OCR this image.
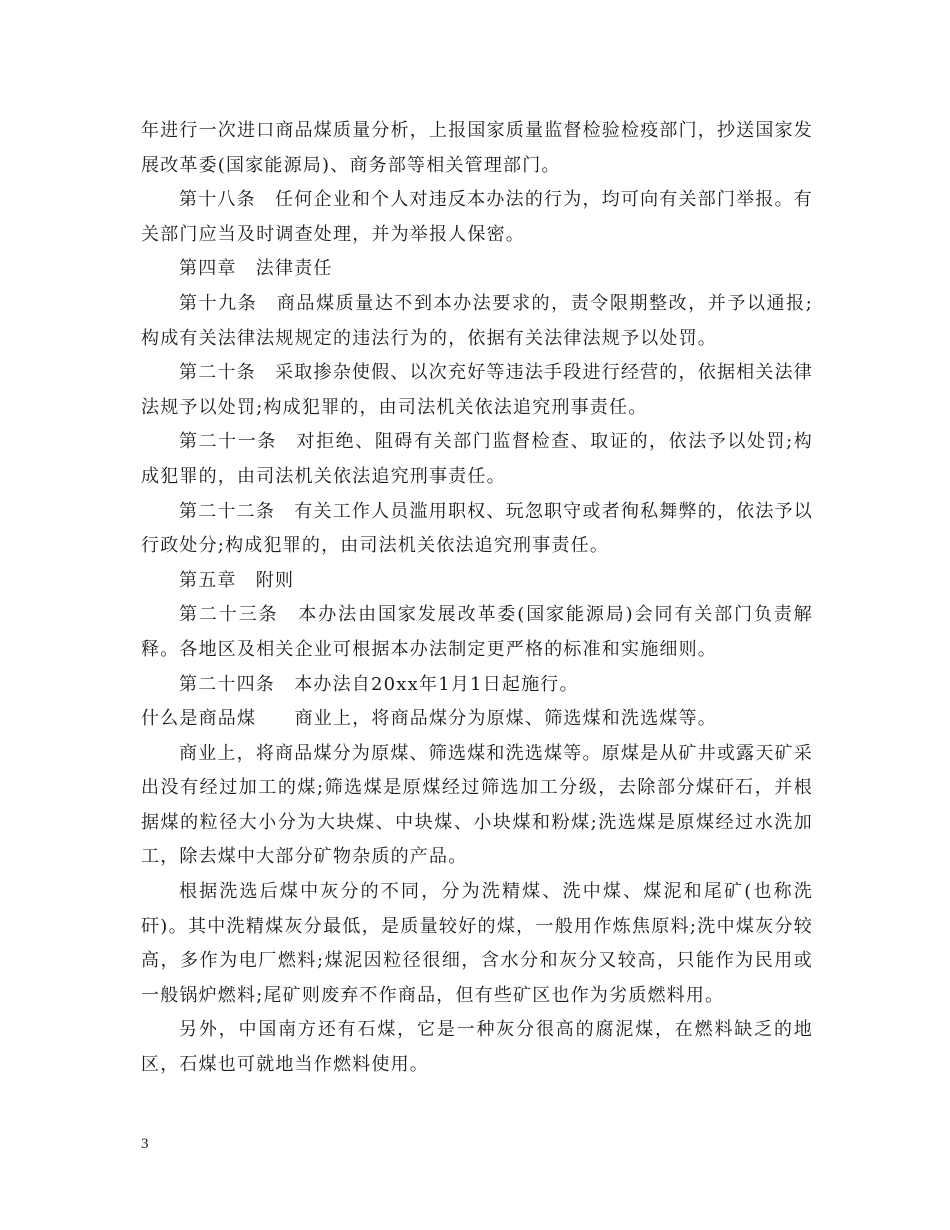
年进行一次进口商品煤质量分析，上报国家质量监督检验检疫部门，抄送国家发展改革委(国家能源局)、商务部等相关管理部门。

第十八条　任何企业和个人对违反本办法的行为，均可向有关部门举报。有关部门应当及时调查处理，并为举报人保密。

第四章　法律责任

第十九条　商品煤质量达不到本办法要求的，责令限期整改，并予以通报;构成有关法律法规规定的违法行为的，依据有关法律法规予以处罚。

第二十条　采取掺杂使假、以次充好等违法手段进行经营的，依据相关法律法规予以处罚;构成犯罪的，由司法机关依法追究刑事责任。

第二十一条　对拒绝、阻碍有关部门监督检查、取证的，依法予以处罚;构成犯罪的，由司法机关依法追究刑事责任。

第二十二条　有关工作人员滥用职权、玩忽职守或者徇私舞弊的，依法予以行政处分;构成犯罪的，由司法机关依法追究刑事责任。

第五章　附则

第二十三条　本办法由国家发展改革委(国家能源局)会同有关部门负责解释。各地区及相关企业可根据本办法制定更严格的标准和实施细则。

第二十四条　本办法自20xx年1月1日起施行。

什么是商品煤　　商业上，将商品煤分为原煤、筛选煤和洗选煤等。

商业上，将商品煤分为原煤、筛选煤和洗选煤等。原煤是从矿井或露天矿采出没有经过加工的煤;筛选煤是原煤经过筛选加工分级，去除部分煤矸石，并根据煤的粒径大小分为大块煤、中块煤、小块煤和粉煤;洗选煤是原煤经过水洗加工，除去煤中大部分矿物杂质的产品。

根据洗选后煤中灰分的不同，分为洗精煤、洗中煤、煤泥和尾矿(也称洗矸)。其中洗精煤灰分最低，是质量较好的煤，一般用作炼焦原料;洗中煤灰分较高，多作为电厂燃料;煤泥因粒径很细，含水分和灰分又较高，只能作为民用或一般锅炉燃料;尾矿则废弃不作商品，但有些矿区也作为劣质燃料用。

另外，中国南方还有石煤，它是一种灰分很高的腐泥煤，在燃料缺乏的地区，石煤也可就地当作燃料使用。

3
